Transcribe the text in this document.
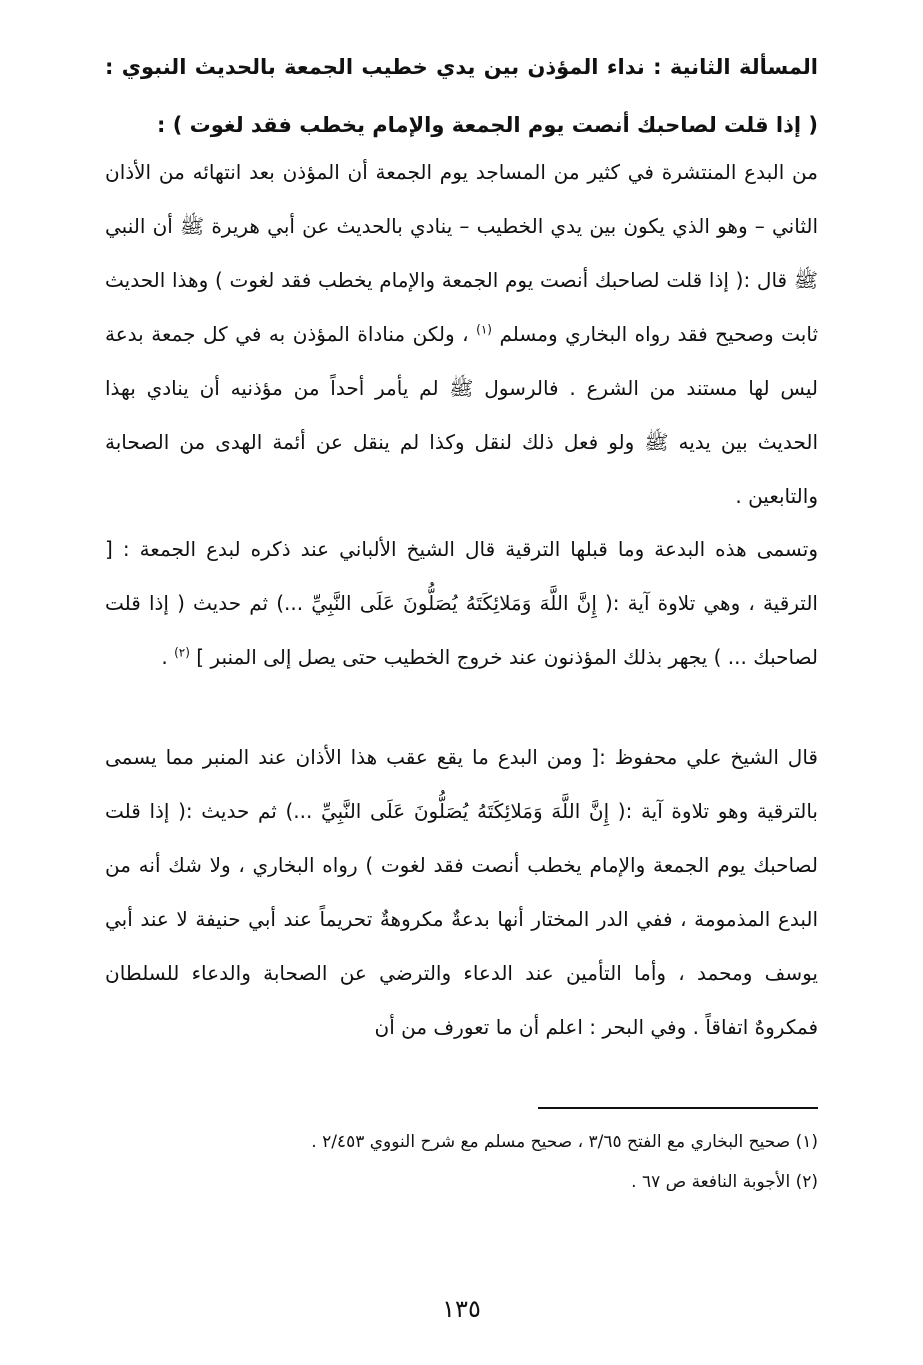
المسألة الثانية : نداء المؤذن بين يدي خطيب الجمعة بالحديث النبوي : ( إذا قلت لصاحبك أنصت يوم الجمعة والإمام يخطب فقد لغوت ) :
من البدع المنتشرة في كثير من المساجد يوم الجمعة أن المؤذن بعد انتهائه من الأذان الثاني – وهو الذي يكون بين يدي الخطيب – ينادي بالحديث عن أبي هريرة ﷺ أن النبي ﷺ قال :( إذا قلت لصاحبك أنصت يوم الجمعة والإمام يخطب فقد لغوت ) وهذا الحديث ثابت وصحيح فقد رواه البخاري ومسلم $^{(١)}$ ، ولكن مناداة المؤذن به في كل جمعة بدعة ليس لها مستند من الشرع . فالرسول ﷺ لم يأمر أحداً من مؤذنيه أن ينادي بهذا الحديث بين يديه ﷺ ولو فعل ذلك لنقل وكذا لم ينقل عن أئمة الهدى من الصحابة والتابعين .
وتسمى هذه البدعة وما قبلها الترقية قال الشيخ الألباني عند ذكره لبدع الجمعة : [ الترقية ، وهي تلاوة آية :( إِنَّ اللَّهَ وَمَلائِكَتَهُ يُصَلُّونَ عَلَى النَّبِيِّ ...) ثم حديث ( إذا قلت لصاحبك ... ) يجهر بذلك المؤذنون عند خروج الخطيب حتى يصل إلى المنبر ] $^{(٢)}$ .
قال الشيخ علي محفوظ :[ ومن البدع ما يقع عقب هذا الأذان عند المنبر مما يسمى بالترقية وهو تلاوة آية :( إِنَّ اللَّهَ وَمَلائِكَتَهُ يُصَلُّونَ عَلَى النَّبِيِّ ...) ثم حديث :( إذا قلت لصاحبك يوم الجمعة والإمام يخطب أنصت فقد لغوت ) رواه البخاري ، ولا شك أنه من البدع المذمومة ، ففي الدر المختار أنها بدعةٌ مكروهةٌ تحريماً عند أبي حنيفة لا عند أبي يوسف ومحمد ، وأما التأمين عند الدعاء والترضي عن الصحابة والدعاء للسلطان فمكروهٌ اتفاقاً . وفي البحر : اعلم أن ما تعورف من أن
(١) صحيح البخاري مع الفتح ٣/٦٥ ، صحيح مسلم مع شرح النووي ٢/٤٥٣ .
(٢) الأجوبة النافعة ص ٦٧ .
١٣٥
